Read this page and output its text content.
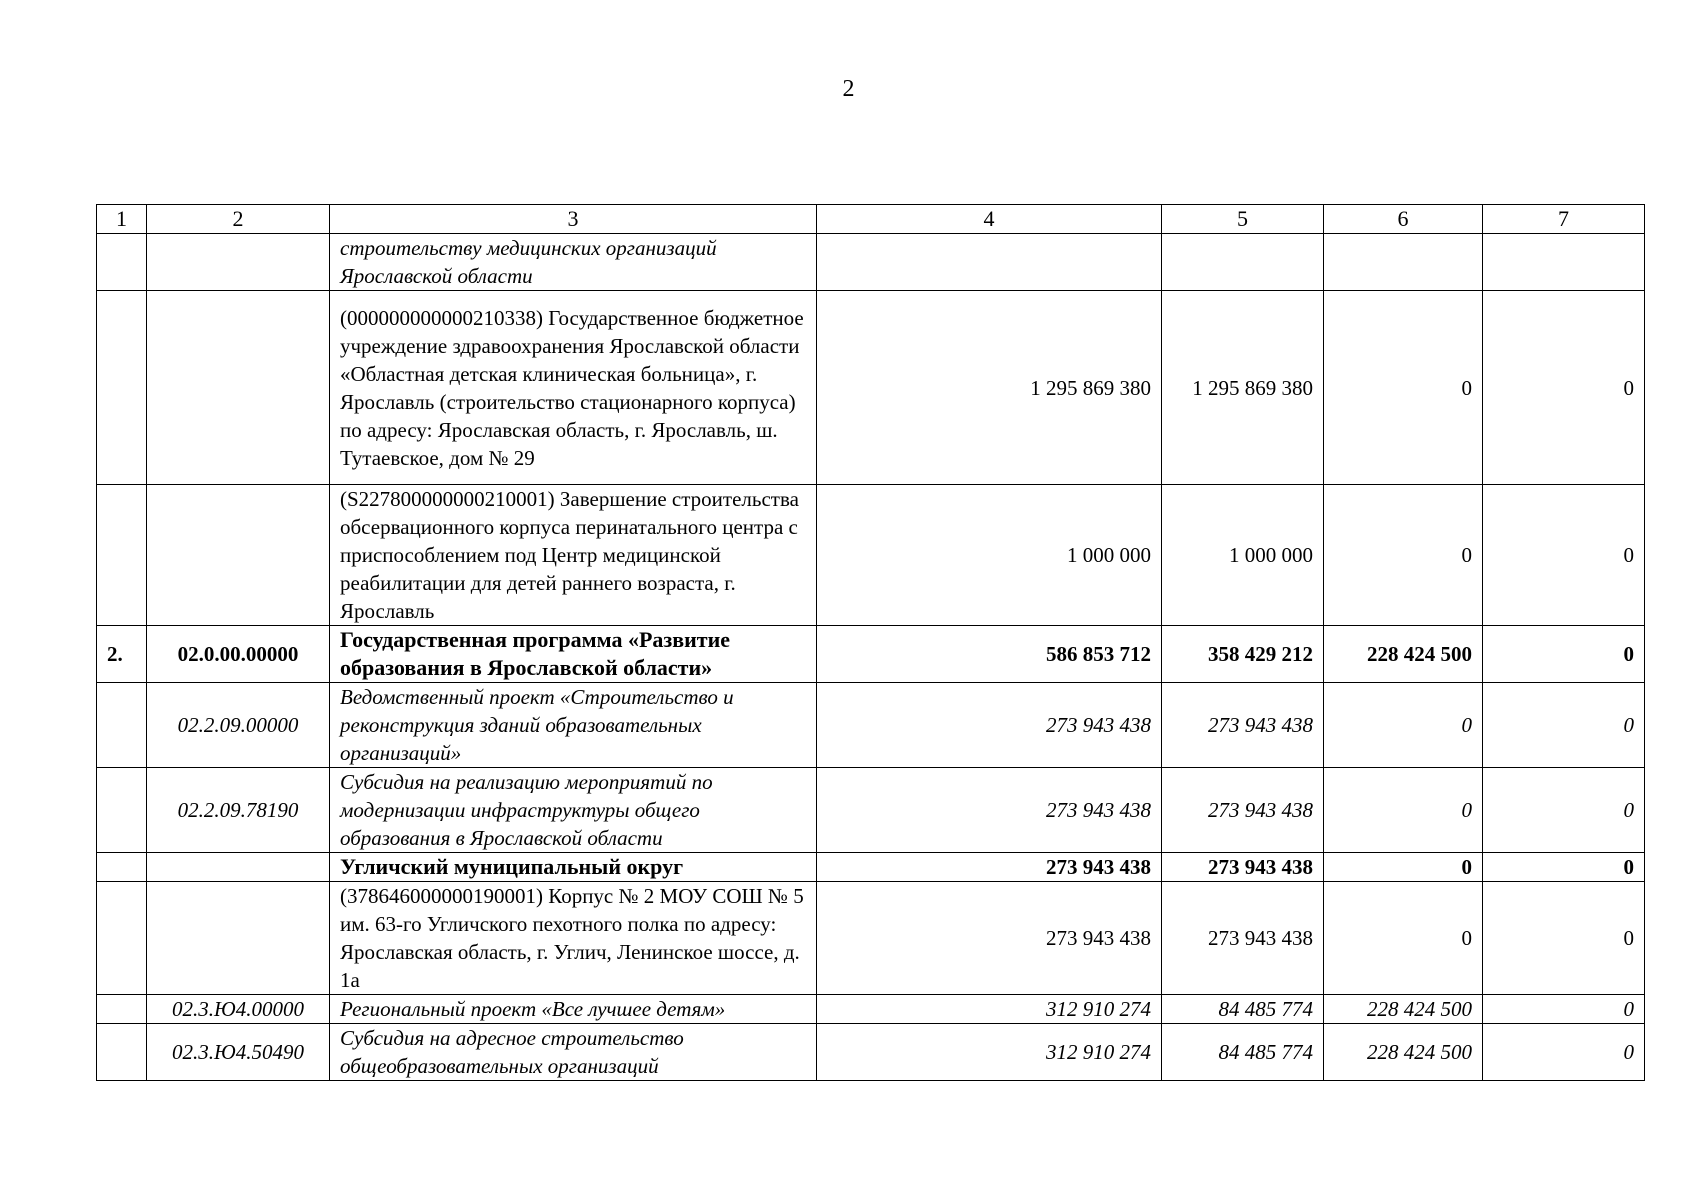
2
1	2	3	4	5	6	7
		строительству медицинских организаций Ярославской области				
		(000000000000210338) Государственное бюджетное учреждение здравоохранения Ярославской области «Областная детская клиническая больница», г. Ярославль (строительство стационарного корпуса) по адресу: Ярославская область, г. Ярославль, ш. Тутаевское, дом № 29	1 295 869 380	1 295 869 380	0	0
		(S227800000000210001) Завершение строительства обсервационного корпуса перинатального центра с приспособлением под Центр медицинской реабилитации для детей раннего возраста, г. Ярославль	1 000 000	1 000 000	0	0
2.	02.0.00.00000	Государственная программа «Развитие образования в Ярославской области»	586 853 712	358 429 212	228 424 500	0
	02.2.09.00000	Ведомственный проект «Строительство и реконструкция зданий образовательных организаций»	273 943 438	273 943 438	0	0
	02.2.09.78190	Субсидия на реализацию мероприятий по модернизации инфраструктуры общего образования в Ярославской области	273 943 438	273 943 438	0	0
		Угличский муниципальный округ	273 943 438	273 943 438	0	0
		(378646000000190001) Корпус № 2 МОУ СОШ № 5 им. 63-го Угличского пехотного полка по адресу: Ярославская область, г. Углич, Ленинское шоссе, д. 1а	273 943 438	273 943 438	0	0
	02.3.Ю4.00000	Региональный проект «Все лучшее детям»	312 910 274	84 485 774	228 424 500	0
	02.3.Ю4.50490	Субсидия на адресное строительство общеобразовательных организаций	312 910 274	84 485 774	228 424 500	0
